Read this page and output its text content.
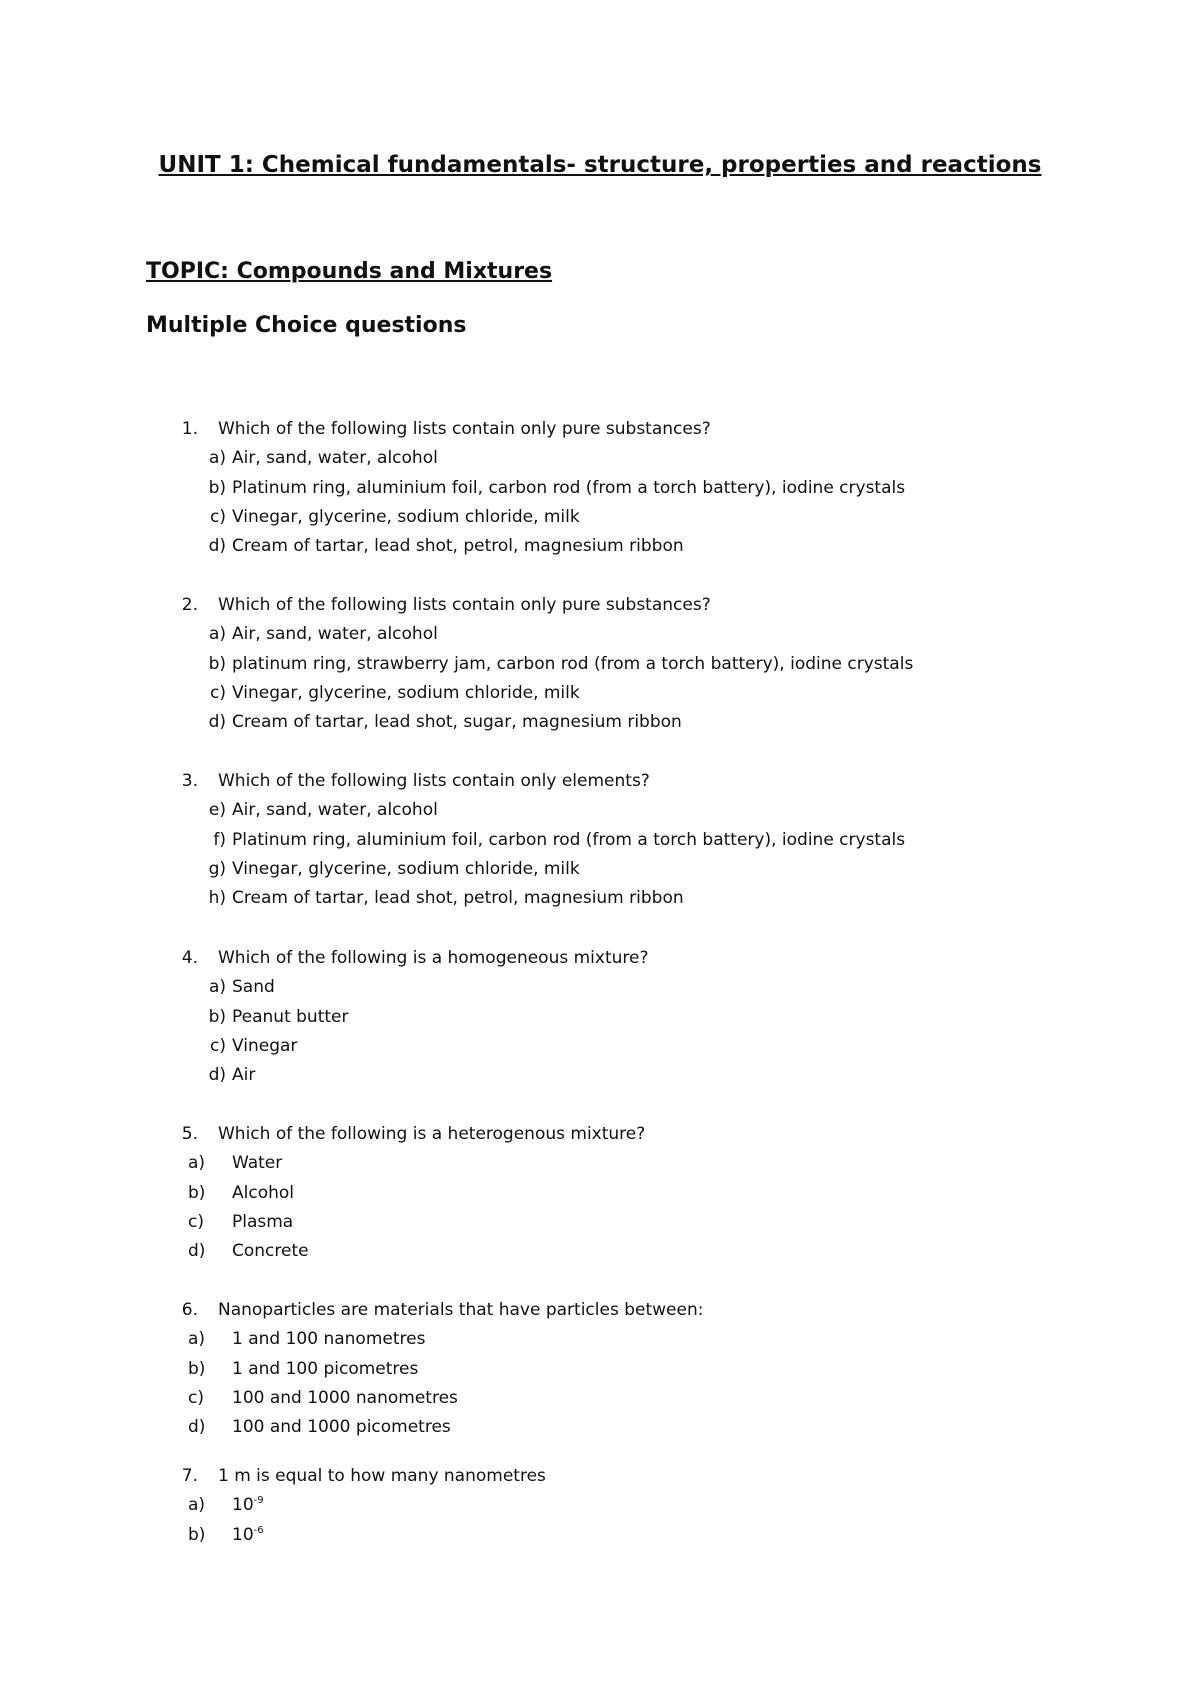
UNIT 1: Chemical fundamentals- structure, properties and reactions
TOPIC: Compounds and Mixtures
Multiple Choice questions
1. Which of the following lists contain only pure substances?
a) Air, sand, water, alcohol
b) Platinum ring, aluminium foil, carbon rod (from a torch battery), iodine crystals
c) Vinegar, glycerine, sodium chloride, milk
d) Cream of tartar, lead shot, petrol, magnesium ribbon
2. Which of the following lists contain only pure substances?
a) Air, sand, water, alcohol
b) platinum ring, strawberry jam, carbon rod (from a torch battery), iodine crystals
c) Vinegar, glycerine, sodium chloride, milk
d) Cream of tartar, lead shot, sugar, magnesium ribbon
3. Which of the following lists contain only elements?
e) Air, sand, water, alcohol
f) Platinum ring, aluminium foil, carbon rod (from a torch battery), iodine crystals
g) Vinegar, glycerine, sodium chloride, milk
h) Cream of tartar, lead shot, petrol, magnesium ribbon
4. Which of the following is a homogeneous mixture?
a) Sand
b) Peanut butter
c) Vinegar
d) Air
5. Which of the following is a heterogenous mixture?
a) Water
b) Alcohol
c)	Plasma
d) Concrete
6. Nanoparticles are materials that have particles between:
a) 1 and 100 nanometres
b) 1 and 100 picometres
c)	100 and 1000 nanometres
d) 100 and 1000 picometres
7. 1 m is equal to how many nanometres
a) $10^{-9}$
b) $10^{-6}$
